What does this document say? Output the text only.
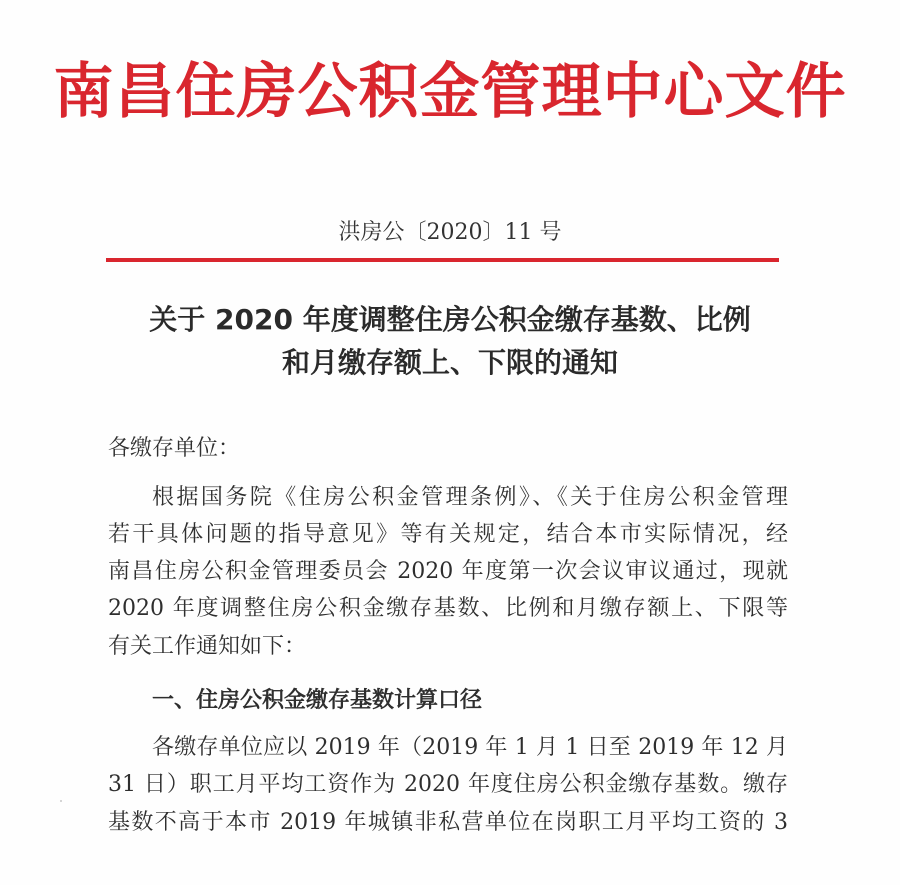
南昌住房公积金管理中心文件
洪房公〔2020〕11 号
关于 2020 年度调整住房公积金缴存基数、比例
和月缴存额上、下限的通知
各缴存单位：
根据国务院《住房公积金管理条例》、《关于住房公积金管理
若干具体问题的指导意见》等有关规定，结合本市实际情况，经
南昌住房公积金管理委员会 2020 年度第一次会议审议通过，现就
2020 年度调整住房公积金缴存基数、比例和月缴存额上、下限等
有关工作通知如下：
一、住房公积金缴存基数计算口径
各缴存单位应以 2019 年（2019 年 1 月 1 日至 2019 年 12 月
31 日）职工月平均工资作为 2020 年度住房公积金缴存基数。缴存
基数不高于本市 2019 年城镇非私营单位在岗职工月平均工资的 3
